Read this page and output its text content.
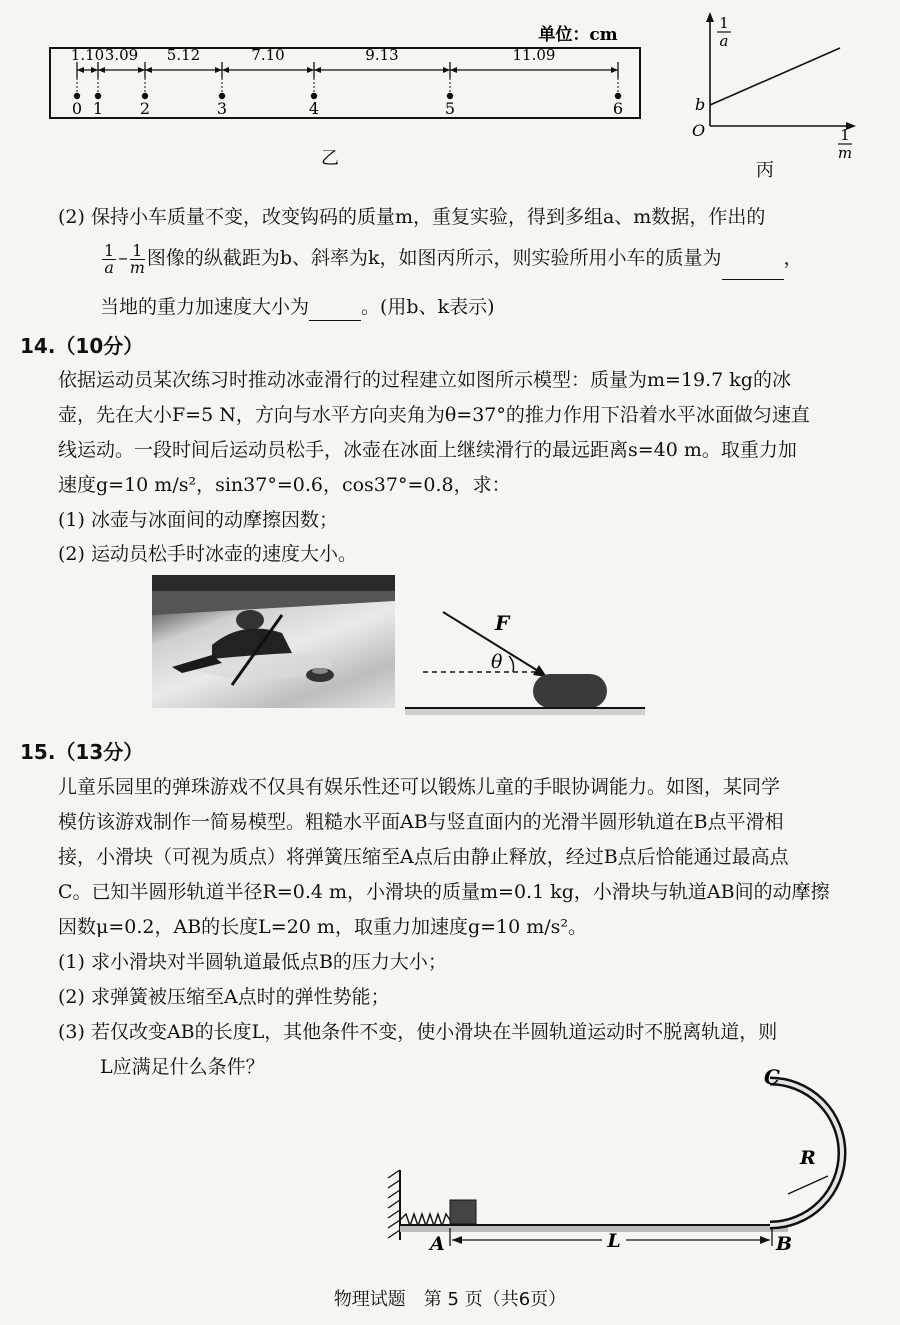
单位：cm
1.10 3.09 5.12	7.10	9.13	11.09
0 1 2	3	4	5	6
乙
1
a
b
O	1
m
丙
(2) 保持小车质量不变，改变钩码的质量m，重复实验，得到多组a、m数据，作出的
$\frac{1}{a} - \frac{1}{m}$ 图像的纵截距为b、斜率为k，如图丙所示，则实验所用小车的质量为	，
当地的重力加速度大小为	。(用b、k表示)
14.（10分）
依据运动员某次练习时推动冰壶滑行的过程建立如图所示模型：质量为m=19.7 kg的冰
壶，先在大小F=5 N，方向与水平方向夹角为θ=37°的推力作用下沿着水平冰面做匀速直
线运动。一段时间后运动员松手，冰壶在冰面上继续滑行的最远距离s=40 m。取重力加
速度g=10 m/s²，sin37°=0.6，cos37°=0.8，求：
(1) 冰壶与冰面间的动摩擦因数；
(2) 运动员松手时冰壶的速度大小。
F
θ
15.（13分）
儿童乐园里的弹珠游戏不仅具有娱乐性还可以锻炼儿童的手眼协调能力。如图，某同学
模仿该游戏制作一简易模型。粗糙水平面AB与竖直面内的光滑半圆形轨道在B点平滑相
接，小滑块（可视为质点）将弹簧压缩至A点后由静止释放，经过B点后恰能通过最高点
C。已知半圆形轨道半径R=0.4 m，小滑块的质量m=0.1 kg，小滑块与轨道AB间的动摩擦
因数μ=0.2，AB的长度L=20 m，取重力加速度g=10 m/s²。
(1) 求小滑块对半圆轨道最低点B的压力大小；
(2) 求弹簧被压缩至A点时的弹性势能；
(3) 若仅改变AB的长度L，其他条件不变，使小滑块在半圆轨道运动时不脱离轨道，则
L应满足什么条件？	C
R
A	B
L
物理试题　第 5 页（共6页）
